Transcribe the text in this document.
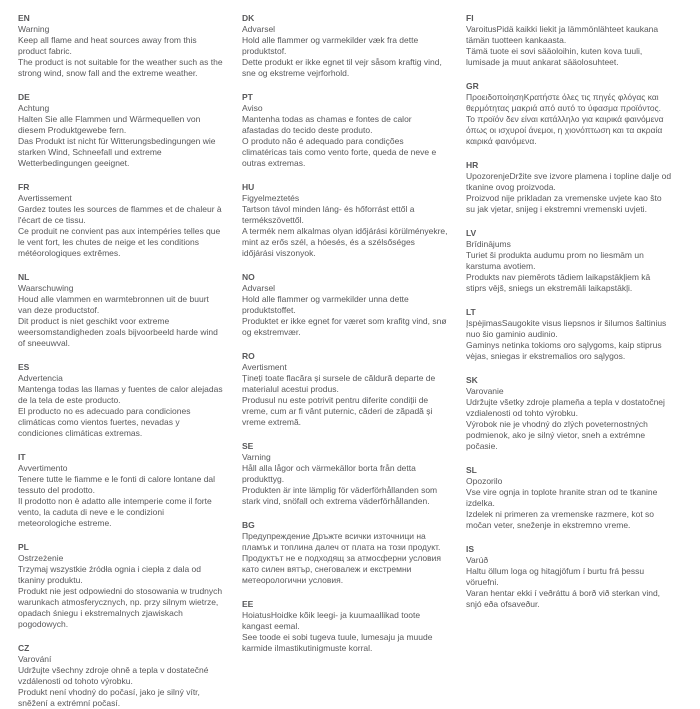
EN
Warning
Keep all flame and heat sources away from this product fabric.
The product is not suitable for the weather such as the strong wind, snow fall and the extreme weather.
DE
Achtung
Halten Sie alle Flammen und Wärmequellen von diesem Produktgewebe fern.
Das Produkt ist nicht für Witterungsbedingungen wie starken Wind, Schneefall und extreme Wetterbedingungen geeignet.
FR
Avertissement
Gardez toutes les sources de flammes et de chaleur à l'écart de ce tissu.
Ce produit ne convient pas aux intempéries telles que le vent fort, les chutes de neige et les conditions météorologiques extrêmes.
NL
Waarschuwing
Houd alle vlammen en warmtebronnen uit de buurt van deze productstof.
Dit product is niet geschikt voor extreme weersomstandigheden zoals bijvoorbeeld harde wind of sneeuwval.
ES
Advertencia
Mantenga todas las llamas y fuentes de calor alejadas de la tela de este producto.
El producto no es adecuado para condiciones climáticas como vientos fuertes, nevadas y condiciones climáticas extremas.
IT
Avvertimento
Tenere tutte le fiamme e le fonti di calore lontane dal tessuto del prodotto.
Il prodotto non è adatto alle intemperie come il forte vento, la caduta di neve e le condizioni meteorologiche estreme.
PL
Ostrzeżenie
Trzymaj wszystkie źródła ognia i ciepła z dala od tkaniny produktu.
Produkt nie jest odpowiedni do stosowania w trudnych warunkach atmosferycznych, np. przy silnym wietrze, opadach śniegu i ekstremalnych zjawiskach pogodowych.
CZ
Varování
Udržujte všechny zdroje ohně a tepla v dostatečné vzdálenosti od tohoto výrobku.
Produkt není vhodný do počasí, jako je silný vítr, sněžení a extrémní počasí.
DK
Advarsel
Hold alle flammer og varmekilder væk fra dette produktstof.
Dette produkt er ikke egnet til vejr såsom kraftig vind, sne og ekstreme vejrforhold.
PT
Aviso
Mantenha todas as chamas e fontes de calor afastadas do tecido deste produto.
O produto não é adequado para condições climatéricas tais como vento forte, queda de neve e outras extremas.
HU
Figyelmeztetés
Tartson távol minden láng- és hőforrást ettől a termékszövettől.
A termék nem alkalmas olyan időjárási körülményekre, mint az erős szél, a hóesés, és a szélsőséges időjárási viszonyok.
NO
Advarsel
Hold alle flammer og varmekilder unna dette produktstoffet.
Produktet er ikke egnet for været som krafitg vind, snø og ekstremvær.
RO
Avertisment
Țineți toate flacăra și sursele de căldură departe de materialul acestui produs.
Produsul nu este potrivit pentru diferite condiții de vreme, cum ar fi vânt puternic, căderi de zăpadă și vreme extremă.
SE
Varning
Håll alla lågor och värmekällor borta från detta produkttyg.
Produkten är inte lämplig för väderförhållanden som stark vind, snöfall och extrema väderförhållanden.
BG
Предупреждение Дръжте всички източници на пламък и топлина далеч от плата на този продукт.
Продуктът не е подходящ за атмосферни условия като силен вятър, снеговалеж и екстремни метеорологични условия.
EE
HoiatusHoidke kõik leegi- ja kuumaallikad toote kangast eemal.
See toode ei sobi tugeva tuule, lumesaju ja muude karmide ilmastikutinigmuste korral.
FI
VaroitusPidä kaikki liekit ja lämmönlähteet kaukana tämän tuotteen kankaasta.
Tämä tuote ei sovi sääoloihin, kuten kova tuuli, lumisade ja muut ankarat sääolosuhteet.
GR
ΠροειδοποίησηΚρατήστε όλες τις πηγές φλόγας και θερμότητας μακριά από αυτό το ύφασμα προϊόντος.
Το προϊόν δεν είναι κατάλληλο για καιρικά φαινόμενα όπως οι ισχυροί άνεμοι, η χιονόπτωση και τα ακραία καιρικά φαινόμενα.
HR
UpozorenjeDržite sve izvore plamena i topline dalje od tkanine ovog proizvoda.
Proizvod nije prikladan za vremenske uvjete kao što su jak vjetar, snijeg i ekstremni vremenski uvjeti.
LV
Brīdinājums
Turiet ši produkta audumu prom no liesmām un karstuma avotiem.
Produkts nav piemērots tādiem laikapstākļiem kā stiprs vējš, sniegs un ekstremāli laikapstākļi.
LT
ĮspėjimasSaugokite visus liepsnos ir šilumos šaltinius nuo šio gaminio audinio.
Gaminys netinka tokioms oro sąlygoms, kaip stiprus vėjas, sniegas ir ekstremalios oro sąlygos.
SK
Varovanie
Udržujte všetky zdroje plameňa a tepla v dostatočnej vzdialenosti od tohto výrobku.
Výrobok nie je vhodný do zlých poveternostných podmienok, ako je silný vietor, sneh a extrémne počasie.
SL
Opozorilo
Vse vire ognja in toplote hranite stran od te tkanine izdelka.
Izdelek ni primeren za vremenske razmere, kot so močan veter, sneženje in ekstremno vreme.
IS
Varúð
Haltu öllum loga og hitagjöfum í burtu frá þessu vöruefni.
Varan hentar ekki í veðráttu á borð við sterkan vind, snjó eða ofsaveður.
